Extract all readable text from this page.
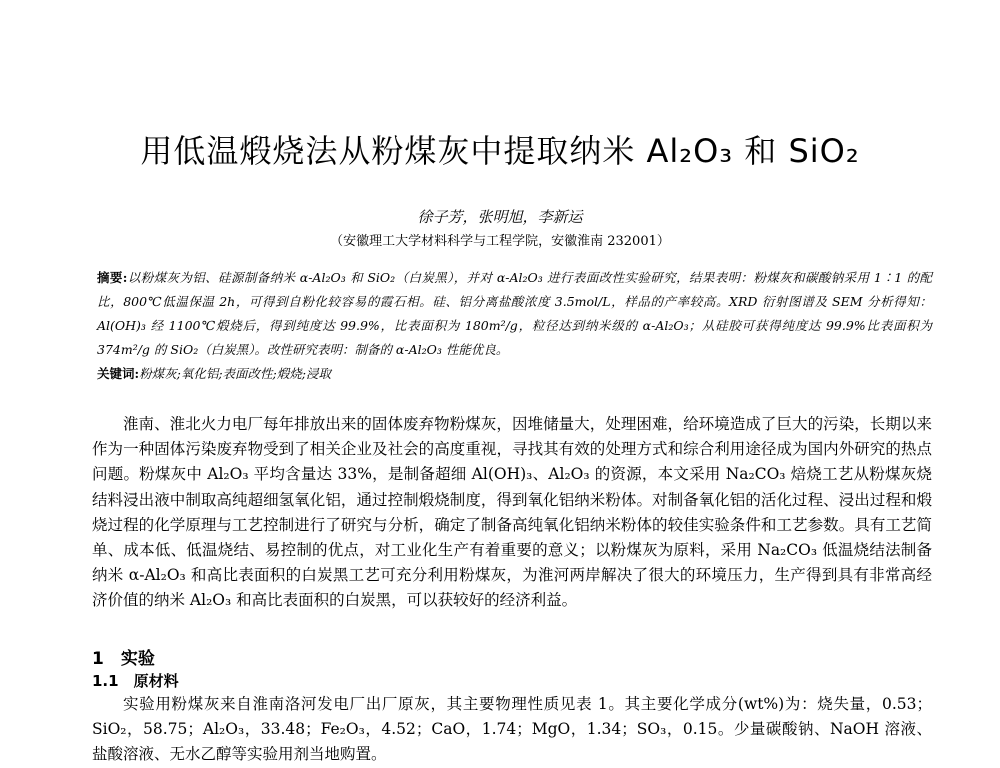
用低温煅烧法从粉煤灰中提取纳米 Al₂O₃ 和 SiO₂
徐子芳，张明旭，李新运
（安徽理工大学材料科学与工程学院，安徽淮南 232001）
摘要:以粉煤灰为铝、硅源制备纳米 α-Al₂O₃ 和 SiO₂（白炭黑），并对 α-Al₂O₃ 进行表面改性实验研究，结果表明：粉煤灰和碳酸钠采用 1∶1 的配比，800℃低温保温 2h，可得到自粉化较容易的霞石相。硅、铝分离盐酸浓度 3.5mol/L，样品的产率较高。XRD 衍射图谱及 SEM 分析得知：Al(OH)₃ 经 1100℃煅烧后，得到纯度达 99.9%，比表面积为 180m²/g，粒径达到纳米级的 α-Al₂O₃；从硅胶可获得纯度达 99.9%比表面积为 374m²/g 的 SiO₂（白炭黑）。改性研究表明：制备的 α-Al₂O₃ 性能优良。
关键词:粉煤灰;氧化铝;表面改性;煅烧;浸取

淮南、淮北火力电厂每年排放出来的固体废弃物粉煤灰，因堆储量大，处理困难，给环境造成了巨大的污染，长期以来作为一种固体污染废弃物受到了相关企业及社会的高度重视，寻找其有效的处理方式和综合利用途径成为国内外研究的热点问题。粉煤灰中 Al₂O₃ 平均含量达 33%，是制备超细 Al(OH)₃、Al₂O₃ 的资源，本文采用 Na₂CO₃ 焙烧工艺从粉煤灰烧结料浸出液中制取高纯超细氢氧化铝，通过控制煅烧制度，得到氧化铝纳米粉体。对制备氧化铝的活化过程、浸出过程和煅烧过程的化学原理与工艺控制进行了研究与分析，确定了制备高纯氧化铝纳米粉体的较佳实验条件和工艺参数。具有工艺简单、成本低、低温烧结、易控制的优点，对工业化生产有着重要的意义；以粉煤灰为原料，采用 Na₂CO₃ 低温烧结法制备纳米 α-Al₂O₃ 和高比表面积的白炭黑工艺可充分利用粉煤灰，为淮河两岸解决了很大的环境压力，生产得到具有非常高经济价值的纳米 Al₂O₃ 和高比表面积的白炭黑，可以获较好的经济利益。

1　实验
1.1　原材料

实验用粉煤灰来自淮南洛河发电厂出厂原灰，其主要物理性质见表 1。其主要化学成分(wt%)为：烧失量，0.53；SiO₂，58.75；Al₂O₃，33.48；Fe₂O₃，4.52；CaO，1.74；MgO，1.34；SO₃，0.15。少量碳酸钠、NaOH 溶液、盐酸溶液、无水乙醇等实验用剂当地购置。
